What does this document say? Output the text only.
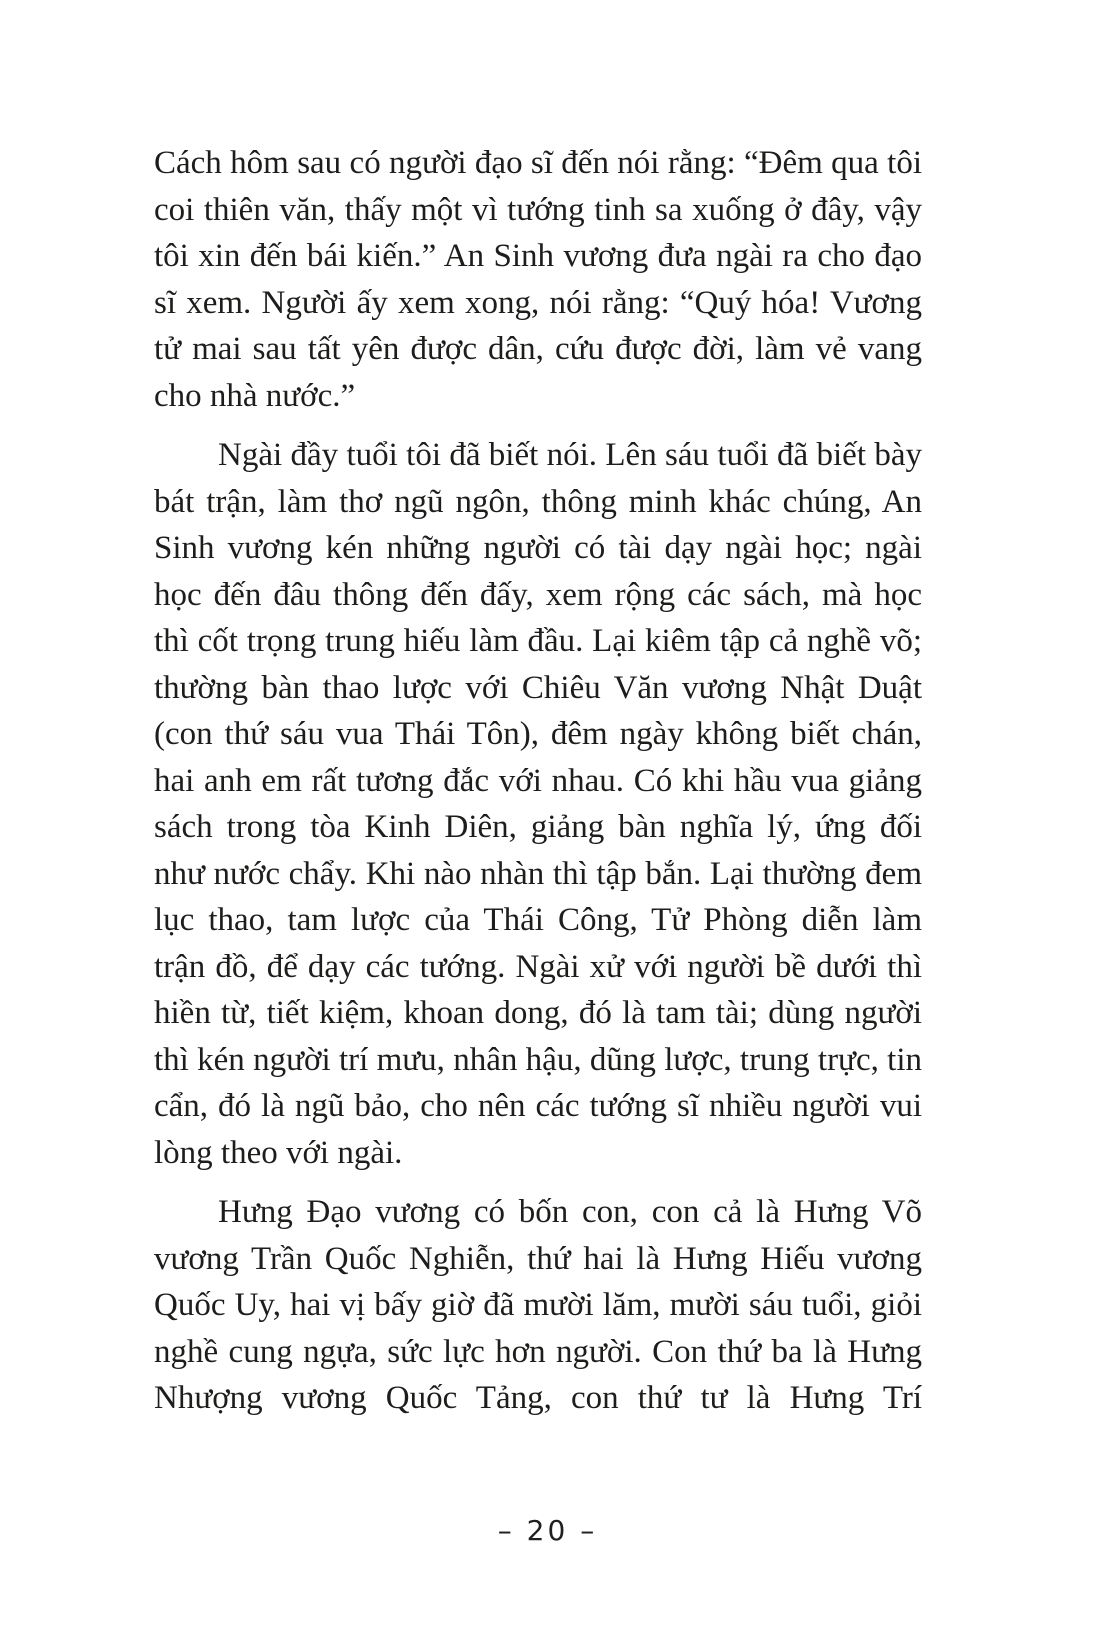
Cách hôm sau có người đạo sĩ đến nói rằng: “Đêm qua tôi coi thiên văn, thấy một vì tướng tinh sa xuống ở đây, vậy tôi xin đến bái kiến.” An Sinh vương đưa ngài ra cho đạo sĩ xem. Người ấy xem xong, nói rằng: “Quý hóa! Vương tử mai sau tất yên được dân, cứu được đời, làm vẻ vang cho nhà nước.”

Ngài đầy tuổi tôi đã biết nói. Lên sáu tuổi đã biết bày bát trận, làm thơ ngũ ngôn, thông minh khác chúng, An Sinh vương kén những người có tài dạy ngài học; ngài học đến đâu thông đến đấy, xem rộng các sách, mà học thì cốt trọng trung hiếu làm đầu. Lại kiêm tập cả nghề võ; thường bàn thao lược với Chiêu Văn vương Nhật Duật (con thứ sáu vua Thái Tôn), đêm ngày không biết chán, hai anh em rất tương đắc với nhau. Có khi hầu vua giảng sách trong tòa Kinh Diên, giảng bàn nghĩa lý, ứng đối như nước chẩy. Khi nào nhàn thì tập bắn. Lại thường đem lục thao, tam lược của Thái Công, Tử Phòng diễn làm trận đồ, để dạy các tướng. Ngài xử với người bề dưới thì hiền từ, tiết kiệm, khoan dong, đó là tam tài; dùng người thì kén người trí mưu, nhân hậu, dũng lược, trung trực, tin cẩn, đó là ngũ bảo, cho nên các tướng sĩ nhiều người vui lòng theo với ngài.

Hưng Đạo vương có bốn con, con cả là Hưng Võ vương Trần Quốc Nghiễn, thứ hai là Hưng Hiếu vương Quốc Uy, hai vị bấy giờ đã mười lăm, mười sáu tuổi, giỏi nghề cung ngựa, sức lực hơn người. Con thứ ba là Hưng Nhượng vương Quốc Tảng, con thứ tư là Hưng Trí

– 20 –
